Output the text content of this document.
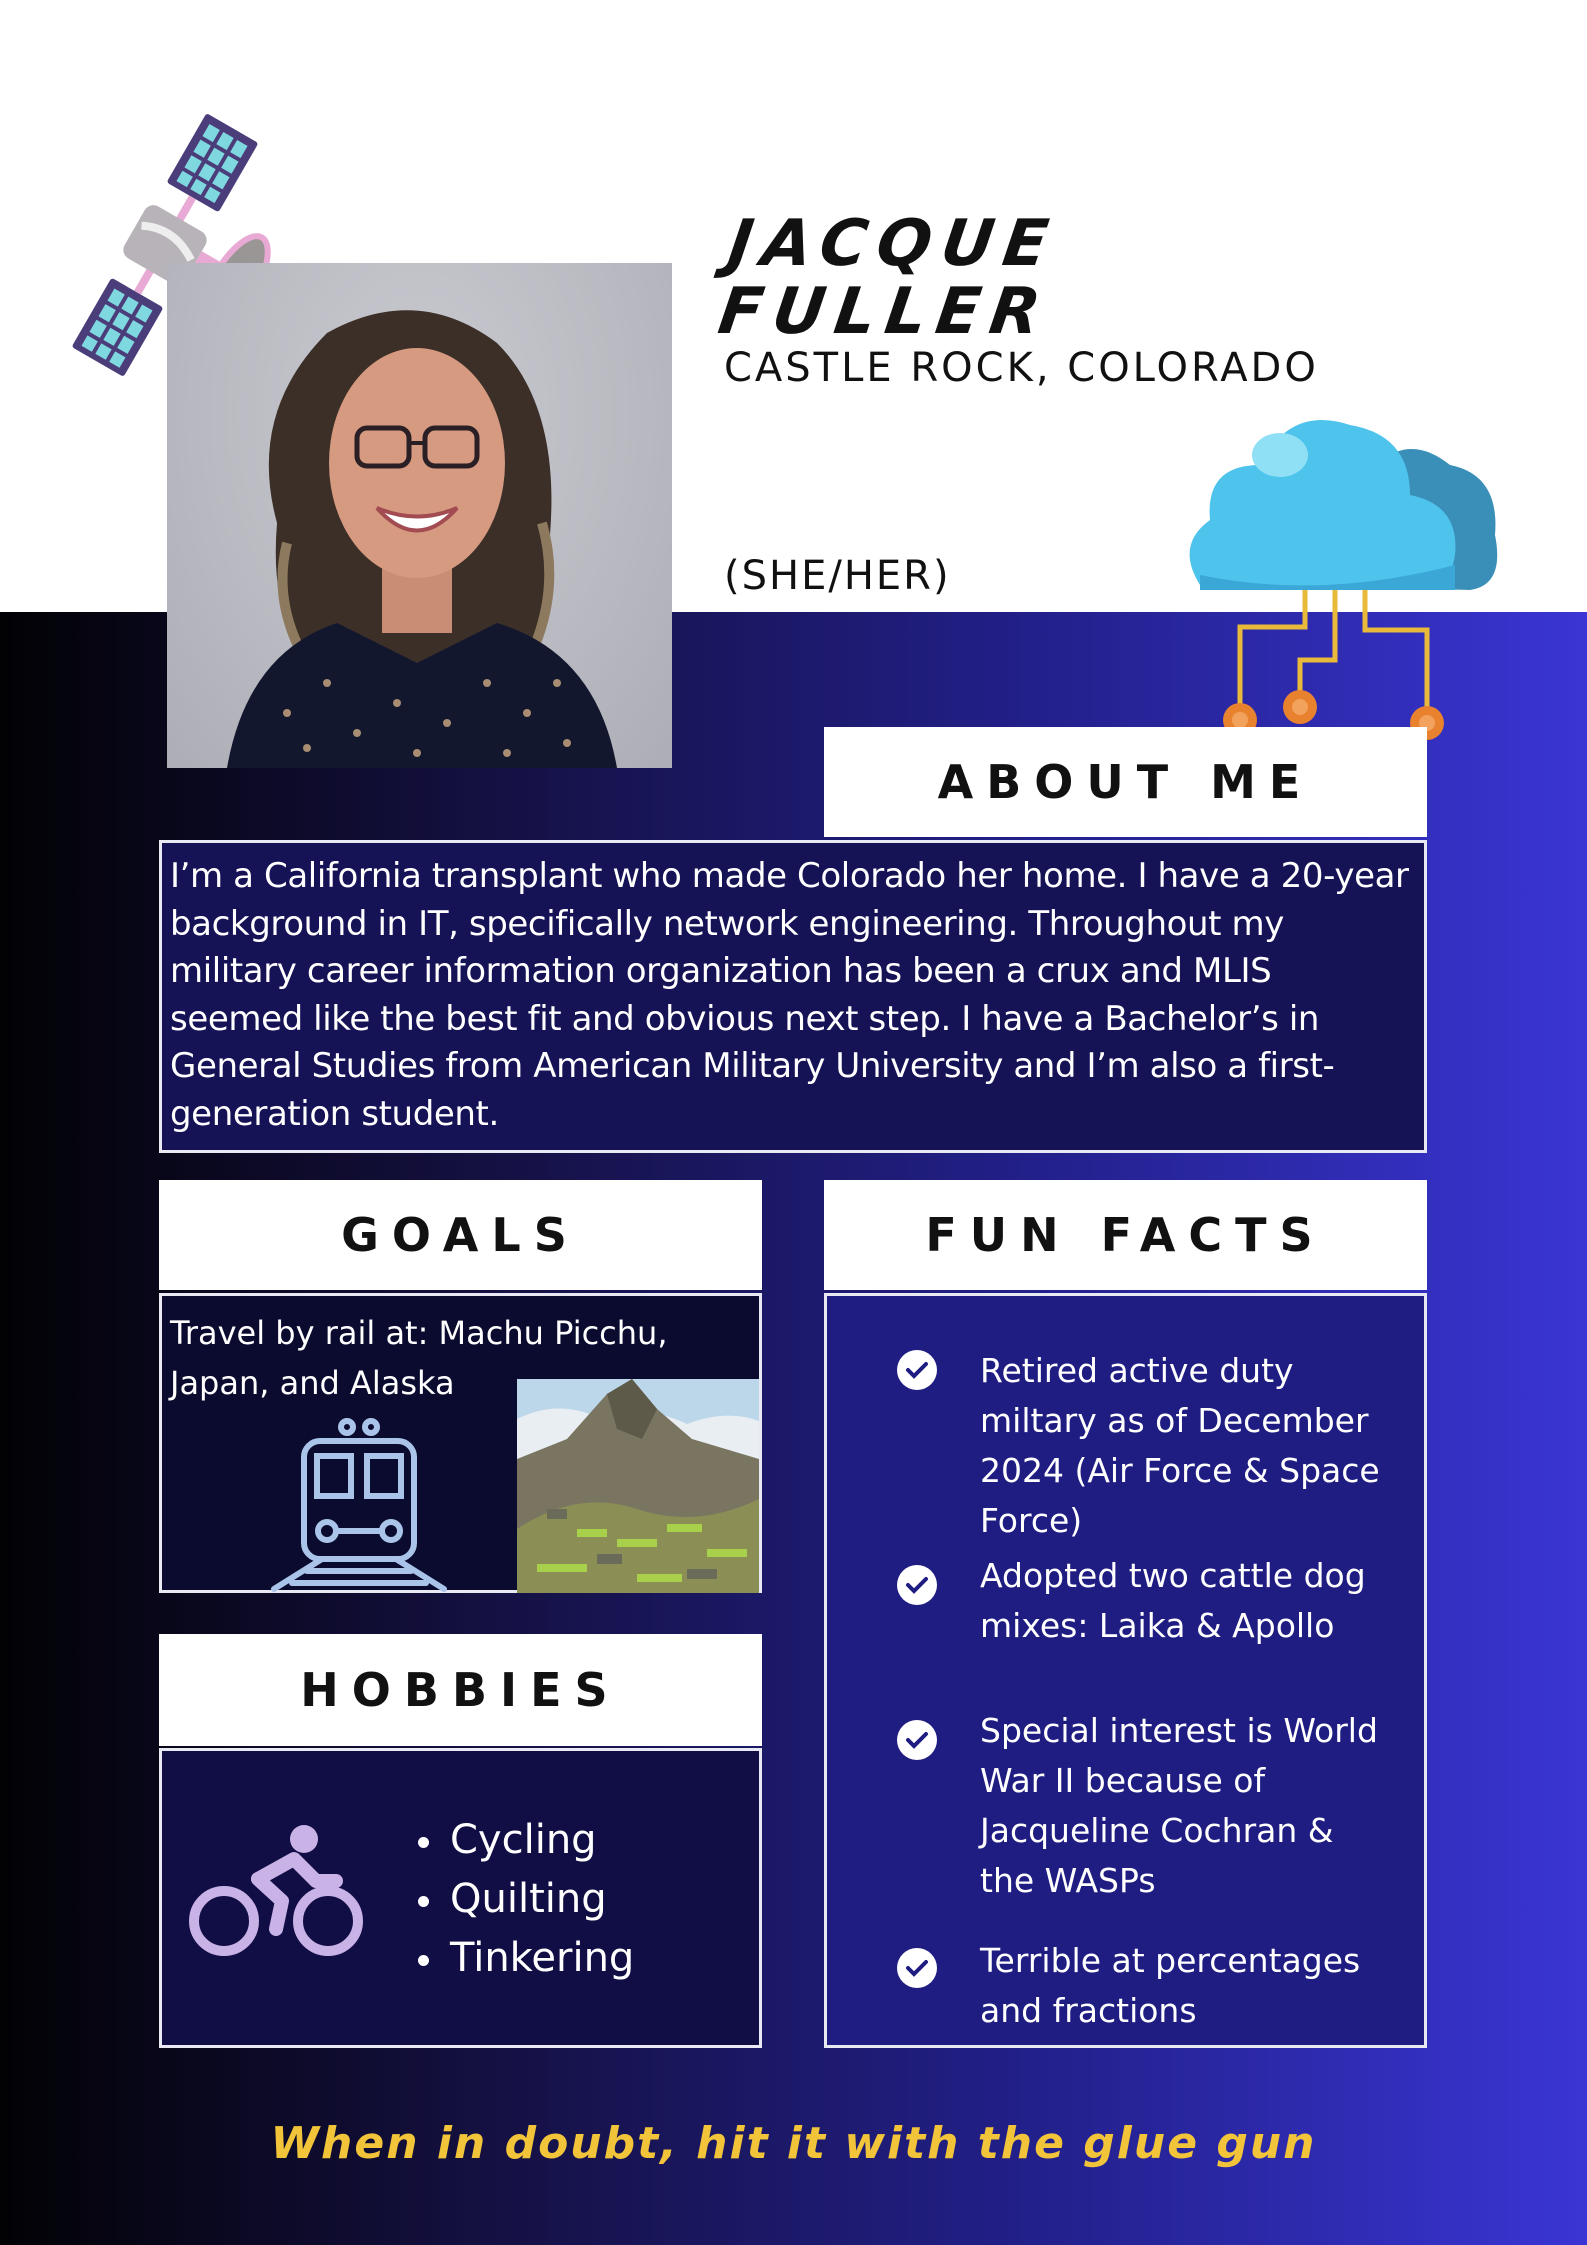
JACQUE
FULLER
CASTLE ROCK, COLORADO
(SHE/HER)
ABOUT ME
I’m a California transplant who made Colorado her home. I have a 20-year background in IT, specifically network engineering. Throughout my military career information organization has been a crux and MLIS seemed like the best fit and obvious next step. I have a Bachelor’s in General Studies from American Military University and I’m also a first-generation student.
GOALS
Travel by rail at: Machu Picchu, Japan, and Alaska
HOBBIES
Cycling
Quilting
Tinkering
FUN FACTS
Retired active duty miltary as of December 2024 (Air Force & Space Force)
Adopted two cattle dog mixes: Laika & Apollo
Special interest is World War II because of Jacqueline Cochran & the WASPs
Terrible at percentages and fractions
When in doubt, hit it with the glue gun
